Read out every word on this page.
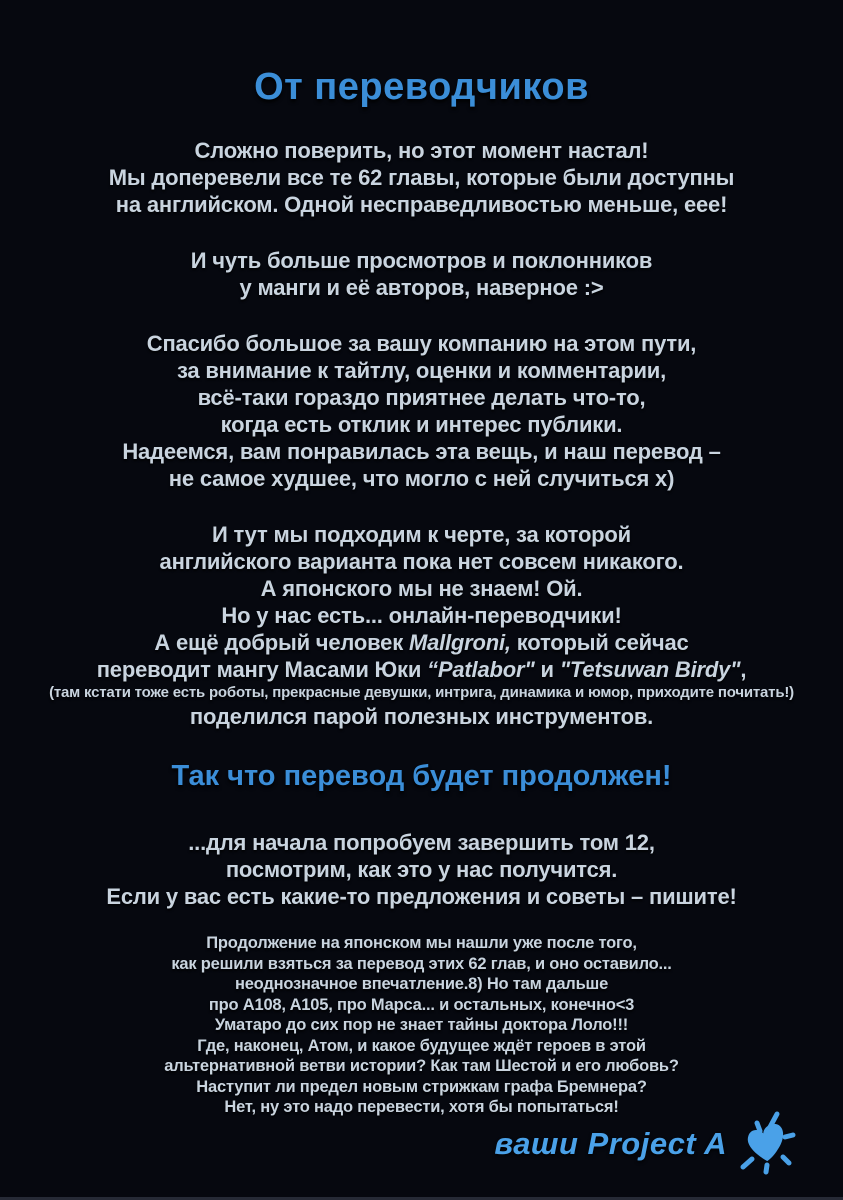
От переводчиков
Сложно поверить, но этот момент настал!
Мы доперевели все те 62 главы, которые были доступны
на английском. Одной несправедливостью меньше, еее!
И чуть больше просмотров и поклонников
у манги и её авторов, наверное :>
Спасибо большое за вашу компанию на этом пути,
за внимание к тайтлу, оценки и комментарии,
всё-таки гораздо приятнее делать что-то,
когда есть отклик и интерес публики.
Надеемся, вам понравилась эта вещь, и наш перевод –
не самое худшее, что могло с ней случиться х)
И тут мы подходим к черте, за которой
английского варианта пока нет совсем никакого.
А японского мы не знаем! Ой.
Но у нас есть... онлайн-переводчики!
А ещё добрый человек Mallgroni, который сейчас
переводит мангу Масами Юки “Patlabor" и "Tetsuwan Birdy",
(там кстати тоже есть роботы, прекрасные девушки, интрига, динамика и юмор, приходите почитать!)
поделился парой полезных инструментов.
Так что перевод будет продолжен!
...для начала попробуем завершить том 12,
посмотрим, как это у нас получится.
Если у вас есть какие-то предложения и советы – пишите!
Продолжение на японском мы нашли уже после того,
как решили взяться за перевод этих 62 глав, и оно оставило...
неоднозначное впечатление.8) Но там дальше
про A108, A105, про Марса... и остальных, конечно<3
Уматаро до сих пор не знает тайны доктора Лоло!!!
Где, наконец, Атом, и какое будущее ждёт героев в этой
альтернативной ветви истории? Как там Шестой и его любовь?
Наступит ли предел новым стрижкам графа Бремнера?
Нет, ну это надо перевести, хотя бы попытаться!
ваши Project A
